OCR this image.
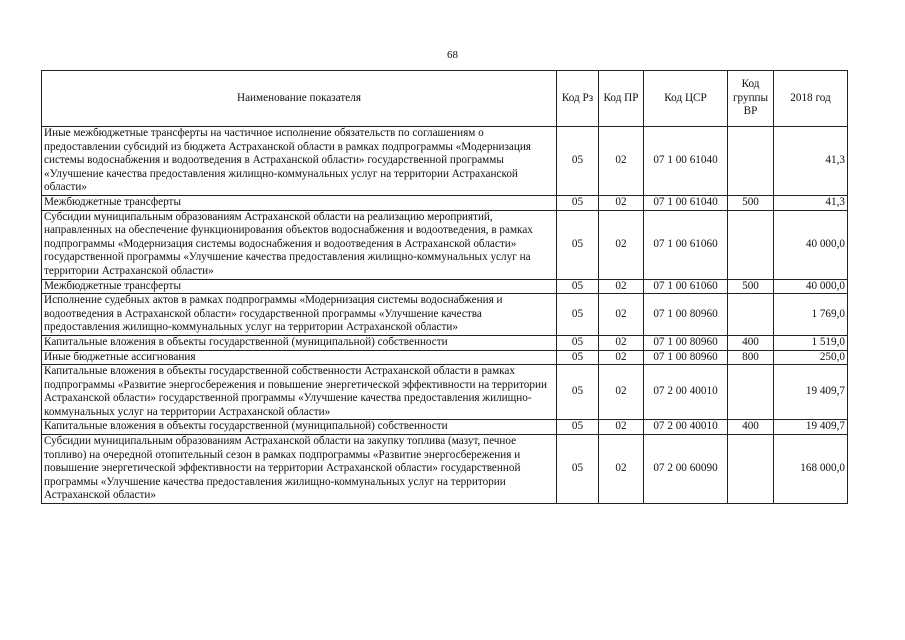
68
Наименование показателя	Код Рз	Код ПР	Код ЦСР	Код группы ВР	2018 год
Иные межбюджетные трансферты на частичное исполнение обязательств по соглашениям о предоставлении субсидий из бюджета Астраханской области в рамках подпрограммы «Модернизация системы водоснабжения и водоотведения в Астраханской области» государственной программы «Улучшение качества предоставления жилищно-коммунальных услуг на территории Астраханской области»	05	02	07 1 00 61040		41,3
Межбюджетные трансферты	05	02	07 1 00 61040	500	41,3
Субсидии муниципальным образованиям Астраханской области на реализацию мероприятий, направленных на обеспечение функционирования объектов водоснабжения и водоотведения, в рамках подпрограммы «Модернизация системы водоснабжения и водоотведения в Астраханской области» государственной программы «Улучшение качества предоставления жилищно-коммунальных услуг на территории Астраханской области»	05	02	07 1 00 61060		40 000,0
Межбюджетные трансферты	05	02	07 1 00 61060	500	40 000,0
Исполнение судебных актов в рамках подпрограммы «Модернизация системы водоснабжения и водоотведения в Астраханской области» государственной программы «Улучшение качества предоставления жилищно-коммунальных услуг на территории Астраханской области»	05	02	07 1 00 80960		1 769,0
Капитальные вложения в объекты государственной (муниципальной) собственности	05	02	07 1 00 80960	400	1 519,0
Иные бюджетные ассигнования	05	02	07 1 00 80960	800	250,0
Капитальные вложения в объекты государственной собственности Астраханской области в рамках подпрограммы «Развитие энергосбережения и повышение энергетической эффективности на территории Астраханской области» государственной программы «Улучшение качества предоставления жилищно-коммунальных услуг на территории Астраханской области»	05	02	07 2 00 40010		19 409,7
Капитальные вложения в объекты государственной (муниципальной) собственности	05	02	07 2 00 40010	400	19 409,7
Субсидии муниципальным образованиям Астраханской области на закупку топлива (мазут, печное топливо) на очередной отопительный сезон в рамках подпрограммы «Развитие энергосбережения и повышение энергетической эффективности на территории Астраханской области» государственной программы «Улучшение качества предоставления жилищно-коммунальных услуг на территории Астраханской области»	05	02	07 2 00 60090		168 000,0
